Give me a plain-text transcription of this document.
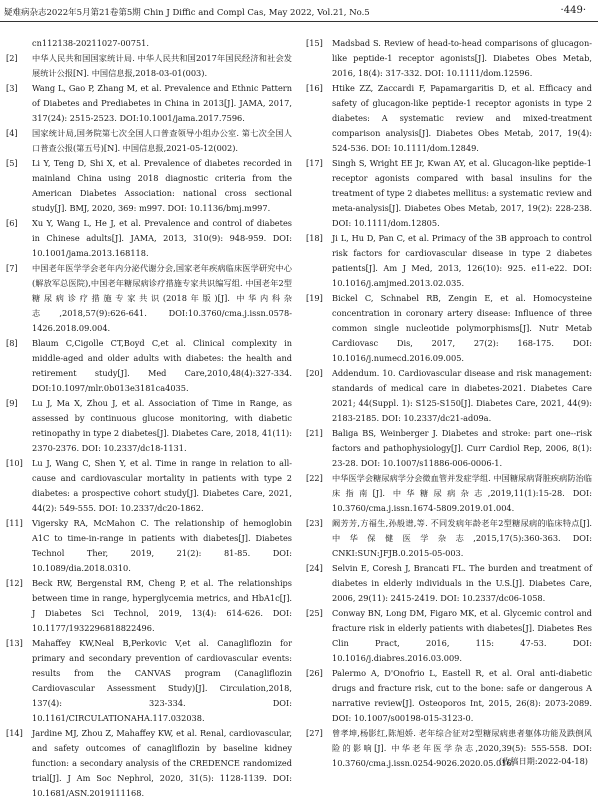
疑难病杂志2022年5月第21卷第5期 Chin J Diffic and Compl Cas, May 2022, Vol.21, No.5	·449·
cn112138-20211027-00751.
[2]	中华人民共和国国家统计局. 中华人民共和国2017年国民经济和社会发展统计公报[N]. 中国信息报,2018-03-01(003).
[3]	Wang L, Gao P, Zhang M, et al. Prevalence and Ethnic Pattern of Diabetes and Prediabetes in China in 2013[J]. JAMA, 2017, 317(24): 2515-2523. DOI:10.1001/jama.2017.7596.
[4]	国家统计局,国务院第七次全国人口普查领导小组办公室. 第七次全国人口普查公报(第五号)[N]. 中国信息报,2021-05-12(002).
[5]	Li Y, Teng D, Shi X, et al. Prevalence of diabetes recorded in mainland China using 2018 diagnostic criteria from the American Diabetes Association: national cross sectional study[J]. BMJ, 2020, 369: m997. DOI: 10.1136/bmj.m997.
[6]	Xu Y, Wang L, He J, et al. Prevalence and control of diabetes in Chinese adults[J]. JAMA, 2013, 310(9): 948-959. DOI: 10.1001/jama.2013.168118.
[7]	中国老年医学学会老年内分泌代谢分会,国家老年疾病临床医学研究中心(解放军总医院),中国老年糖尿病诊疗措施专家共识编写组. 中国老年2型糖尿病诊疗措施专家共识(2018年版)[J]. 中华内科杂志,2018,57(9):626-641. DOI:10.3760/cma.j.issn.0578-1426.2018.09.004.
[8]	Blaum C,Cigolle CT,Boyd C,et al. Clinical complexity in middle-aged and older adults with diabetes: the health and retirement study[J]. Med Care,2010,48(4):327-334. DOI:10.1097/mlr.0b013e3181ca4035.
[9]	Lu J, Ma X, Zhou J, et al. Association of Time in Range, as assessed by continuous glucose monitoring, with diabetic retinopathy in type 2 diabetes[J]. Diabetes Care, 2018, 41(11): 2370-2376. DOI: 10.2337/dc18-1131.
[10]	Lu J, Wang C, Shen Y, et al. Time in range in relation to all-cause and cardiovascular mortality in patients with type 2 diabetes: a prospective cohort study[J]. Diabetes Care, 2021, 44(2): 549-555. DOI: 10.2337/dc20-1862.
[11]	Vigersky RA, McMahon C. The relationship of hemoglobin A1C to time-in-range in patients with diabetes[J]. Diabetes Technol Ther, 2019, 21(2): 81-85. DOI: 10.1089/dia.2018.0310.
[12]	Beck RW, Bergenstal RM, Cheng P, et al. The relationships between time in range, hyperglycemia metrics, and HbA1c[J]. J Diabetes Sci Technol, 2019, 13(4): 614-626. DOI: 10.1177/1932296818822496.
[13]	Mahaffey KW,Neal B,Perkovic V,et al. Canagliflozin for primary and secondary prevention of cardiovascular events: results from the CANVAS program (Canagliflozin Cardiovascular Assessment Study)[J]. Circulation,2018, 137(4): 323-334. DOI: 10.1161/CIRCULATIONAHA.117.032038.
[14]	Jardine MJ, Zhou Z, Mahaffey KW, et al. Renal, cardiovascular, and safety outcomes of canagliflozin by baseline kidney function: a secondary analysis of the CREDENCE randomized trial[J]. J Am Soc Nephrol, 2020, 31(5): 1128-1139. DOI: 10.1681/ASN.2019111168.
[15]	Madsbad S. Review of head-to-head comparisons of glucagon-like peptide-1 receptor agonists[J]. Diabetes Obes Metab, 2016, 18(4): 317-332. DOI: 10.1111/dom.12596.
[16]	Htike ZZ, Zaccardi F, Papamargaritis D, et al. Efficacy and safety of glucagon-like peptide-1 receptor agonists in type 2 diabetes: A systematic review and mixed-treatment comparison analysis[J]. Diabetes Obes Metab, 2017, 19(4): 524-536. DOI: 10.1111/dom.12849.
[17]	Singh S, Wright EE Jr, Kwan AY, et al. Glucagon-like peptide-1 receptor agonists compared with basal insulins for the treatment of type 2 diabetes mellitus: a systematic review and meta-analysis[J]. Diabetes Obes Metab, 2017, 19(2): 228-238. DOI: 10.1111/dom.12805.
[18]	Ji L, Hu D, Pan C, et al. Primacy of the 3B approach to control risk factors for cardiovascular disease in type 2 diabetes patients[J]. Am J Med, 2013, 126(10): 925. e11-e22. DOI: 10.1016/j.amjmed.2013.02.035.
[19]	Bickel C, Schnabel RB, Zengin E, et al. Homocysteine concentration in coronary artery disease: Influence of three common single nucleotide polymorphisms[J]. Nutr Metab Cardiovasc Dis, 2017, 27(2): 168-175. DOI: 10.1016/j.numecd.2016.09.005.
[20]	Addendum. 10. Cardiovascular disease and risk management: standards of medical care in diabetes-2021. Diabetes Care 2021; 44(Suppl. 1): S125-S150[J]. Diabetes Care, 2021, 44(9): 2183-2185. DOI: 10.2337/dc21-ad09a.
[21]	Baliga BS, Weinberger J. Diabetes and stroke: part one--risk factors and pathophysiology[J]. Curr Cardiol Rep, 2006, 8(1): 23-28. DOI: 10.1007/s11886-006-0006-1.
[22]	中华医学会糖尿病学分会微血管并发症学组. 中国糖尿病肾脏疾病防治临床指南[J]. 中华糖尿病杂志,2019,11(1):15-28. DOI: 10.3760/cma.j.issn.1674-5809.2019.01.004.
[23]	阚芳芳,方福生,孙般谱,等. 不同发病年龄老年2型糖尿病的临床特点[J]. 中华保健医学杂志,2015,17(5):360-363. DOI: CNKI:SUN:JFJB.0.2015-05-003.
[24]	Selvin E, Coresh J, Brancati FL. The burden and treatment of diabetes in elderly individuals in the U.S.[J]. Diabetes Care, 2006, 29(11): 2415-2419. DOI: 10.2337/dc06-1058.
[25]	Conway BN, Long DM, Figaro MK, et al. Glycemic control and fracture risk in elderly patients with diabetes[J]. Diabetes Res Clin Pract, 2016, 115: 47-53. DOI: 10.1016/j.diabres.2016.03.009.
[26]	Palermo A, D'Onofrio L, Eastell R, et al. Oral anti-diabetic drugs and fracture risk, cut to the bone: safe or dangerous A narrative review[J]. Osteoporos Int, 2015, 26(8): 2073-2089. DOI: 10.1007/s00198-015-3123-0.
[27]	曾孝坤,杨影红,陈旭娇. 老年综合征对2型糖尿病患者躯体功能及跌倒风险的影响[J]. 中华老年医学杂志,2020,39(5): 555-558. DOI: 10.3760/cma.j.issn.0254-9026.2020.05.016.
(收稿日期:2022-04-18)
